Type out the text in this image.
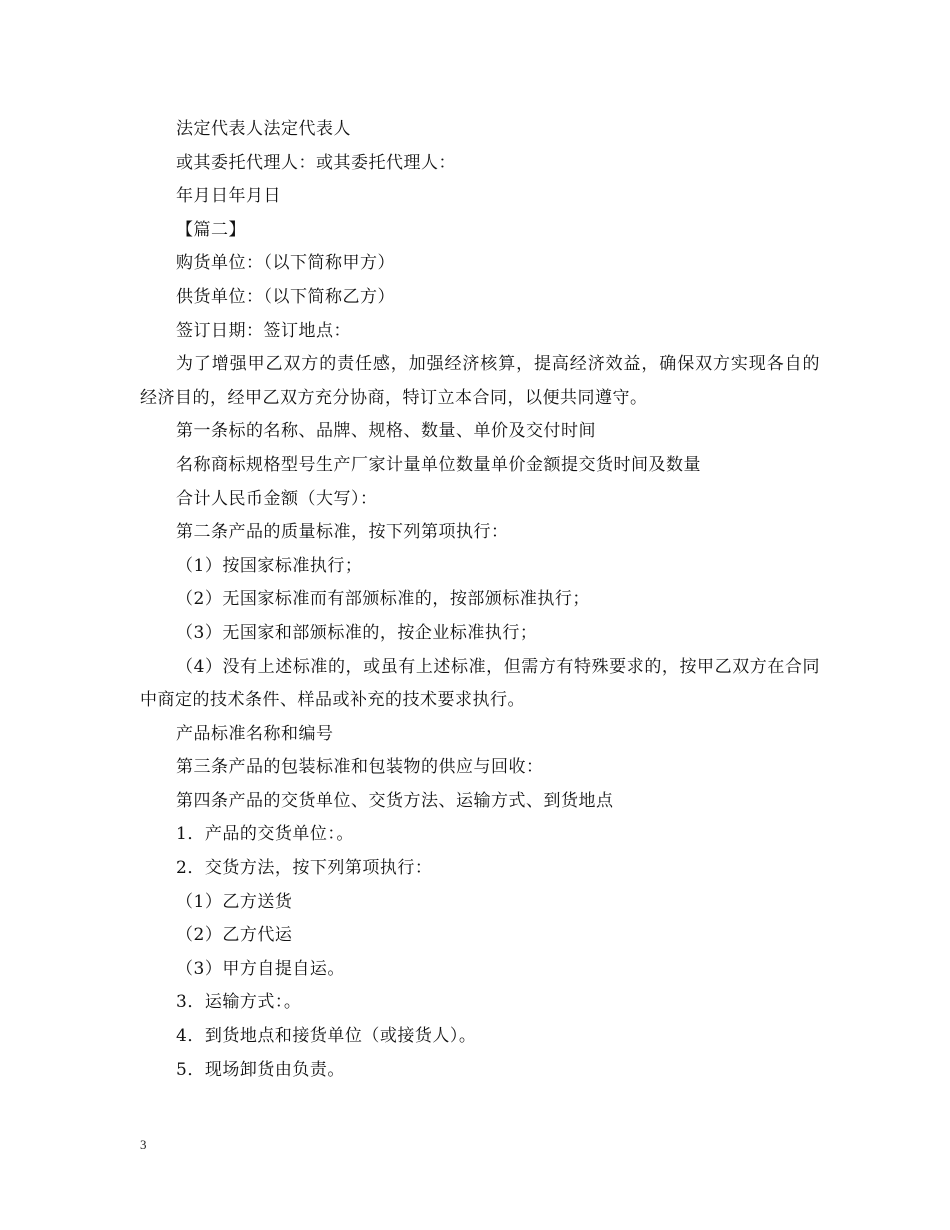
法定代表人法定代表人

或其委托代理人：或其委托代理人：

年月日年月日

【篇二】

购货单位：（以下简称甲方）

供货单位：（以下简称乙方）

签订日期：签订地点：

为了增强甲乙双方的责任感，加强经济核算，提高经济效益，确保双方实现各自的经济目的，经甲乙双方充分协商，特订立本合同，以便共同遵守。

第一条标的名称、品牌、规格、数量、单价及交付时间

名称商标规格型号生产厂家计量单位数量单价金额提交货时间及数量

合计人民币金额（大写）：

第二条产品的质量标准，按下列第项执行：

（1）按国家标准执行；

（2）无国家标准而有部颁标准的，按部颁标准执行；

（3）无国家和部颁标准的，按企业标准执行；

（4）没有上述标准的，或虽有上述标准，但需方有特殊要求的，按甲乙双方在合同中商定的技术条件、样品或补充的技术要求执行。

产品标准名称和编号

第三条产品的包装标准和包装物的供应与回收：

第四条产品的交货单位、交货方法、运输方式、到货地点

1．产品的交货单位：。

2．交货方法，按下列第项执行：

（1）乙方送货

（2）乙方代运

（3）甲方自提自运。

3．运输方式：。

4．到货地点和接货单位（或接货人）。

5．现场卸货由负责。

3
